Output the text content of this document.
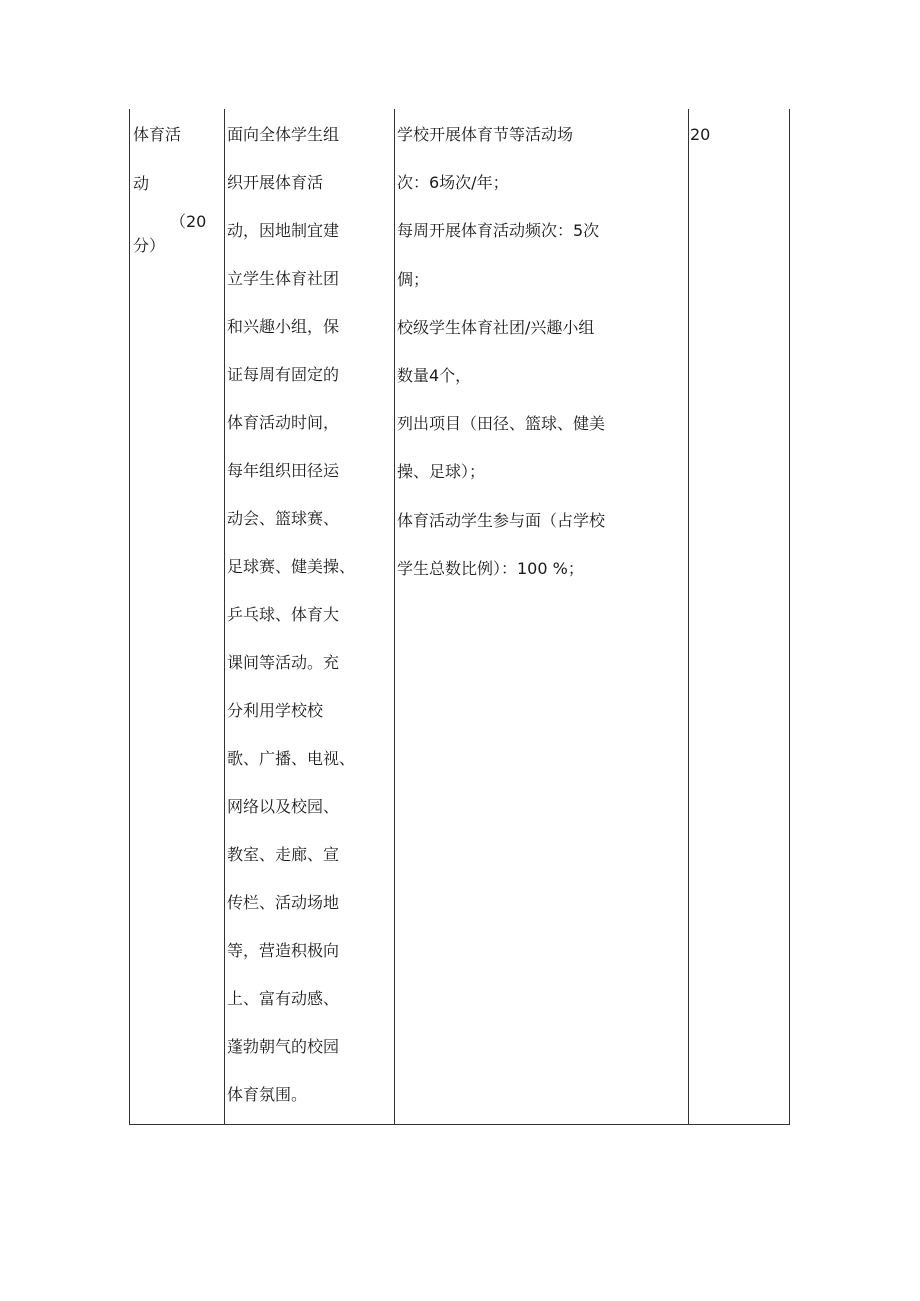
体育活
动
（20
分）
面向全体学生组
织开展体育活
动，因地制宜建
立学生体育社团
和兴趣小组，保
证每周有固定的
体育活动时间，
每年组织田径运
动会、篮球赛、
足球赛、健美操、
乒乓球、体育大
课间等活动。充
分利用学校校
歌、广播、电视、
网络以及校园、
教室、走廊、宣
传栏、活动场地
等，营造积极向
上、富有动感、
蓬勃朝气的校园
体育氛围。
学校开展体育节等活动场
次：6场次/年；
每周开展体育活动频次：5次
倜；
校级学生体育社团/兴趣小组
数量4个，
列出项目（田径、篮球、健美
操、足球）；
体育活动学生参与面（占学校
学生总数比例）：100 %；
20
